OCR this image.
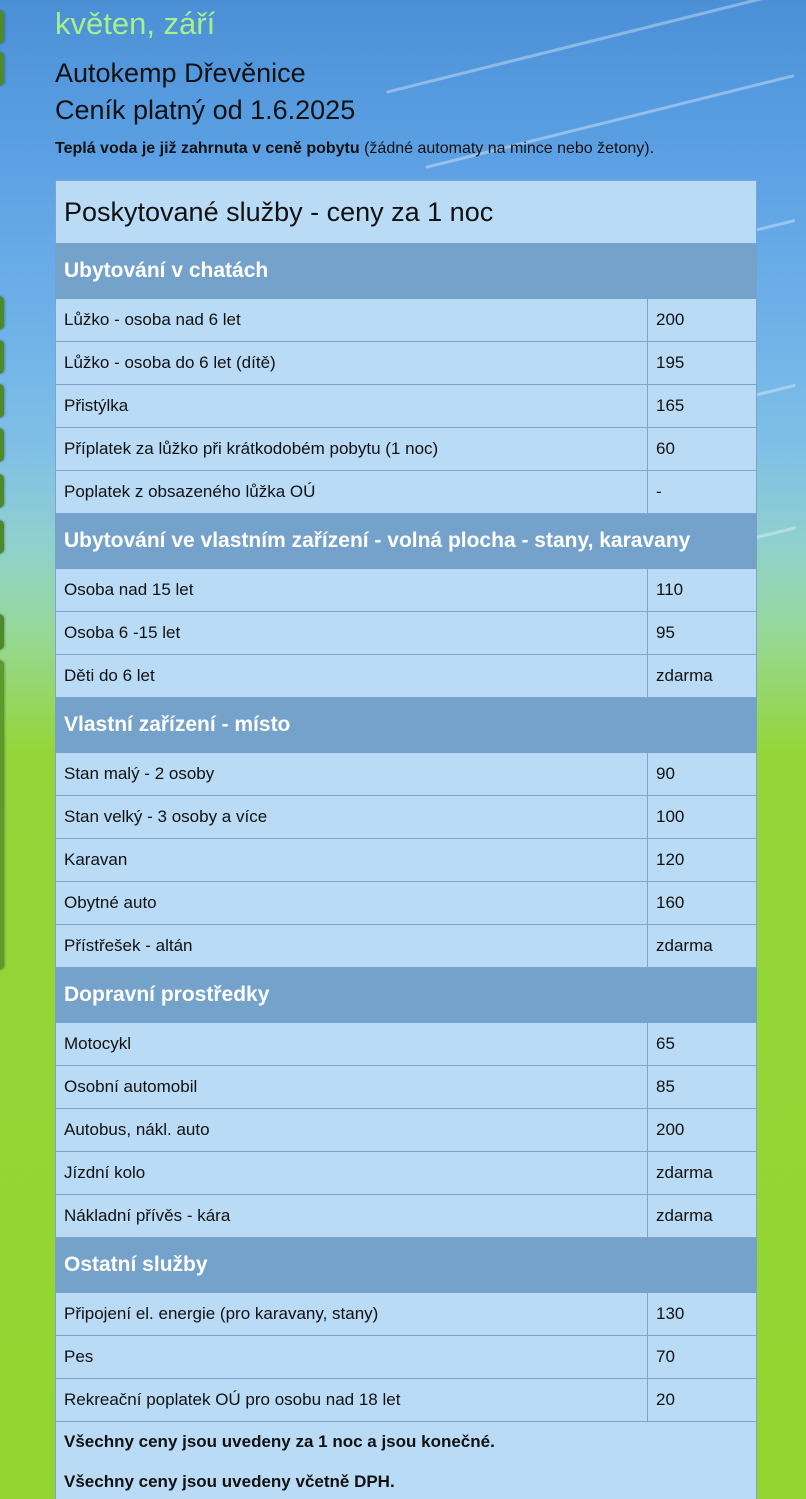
květen, září
Autokemp Dřevěnice
Ceník platný od 1.6.2025
Teplá voda je již zahrnuta v ceně pobytu (žádné automaty na mince nebo žetony).
Poskytované služby - ceny za 1 noc	
Ubytování v chatách	
Lůžko - osoba nad 6 let	200
Lůžko - osoba do 6 let (dítě)	195
Přistýlka	165
Příplatek za lůžko při krátkodobém pobytu (1 noc)	60
Poplatek z obsazeného lůžka OÚ	-
Ubytování ve vlastním zařízení - volná plocha - stany, karavany	
Osoba nad 15 let	110
Osoba 6 -15 let	95
Děti do 6 let	zdarma
Vlastní zařízení - místo	
Stan malý - 2 osoby	90
Stan velký - 3 osoby a více	100
Karavan	120
Obytné auto	160
Přístřešek - altán	zdarma
Dopravní prostředky	
Motocykl	65
Osobní automobil	85
Autobus, nákl. auto	200
Jízdní kolo	zdarma
Nákladní přívěs - kára	zdarma
Ostatní služby	
Připojení el. energie (pro karavany, stany)	130
Pes	70
Rekreační poplatek OÚ pro osobu nad 18 let	20
Všechny ceny jsou uvedeny za 1 noc a jsou konečné.	
Všechny ceny jsou uvedeny včetně DPH.	
